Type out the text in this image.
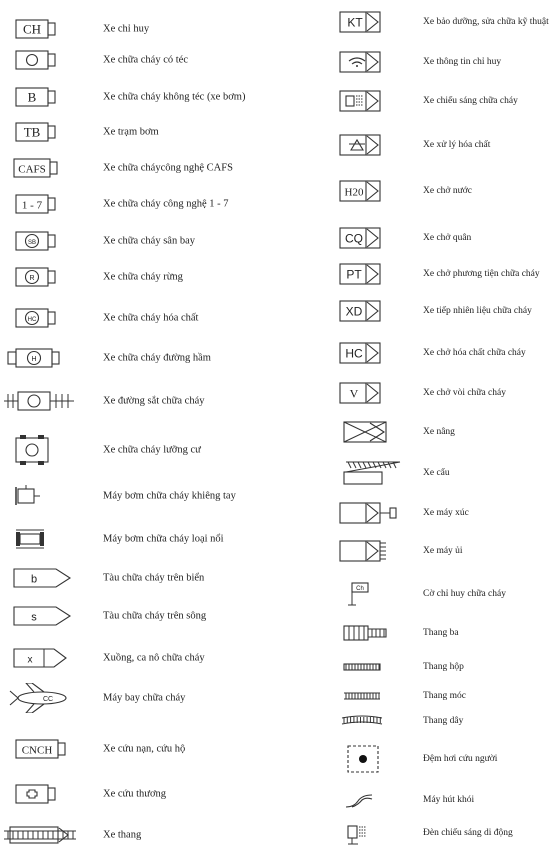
CH	Xe chỉ huy
Xe chữa cháy có téc
B	Xe chữa cháy không téc (xe bơm)
TB	Xe trạm bơm
CAFS	Xe chữa cháycông nghệ CAFS
1 - 7	Xe chữa cháy công nghệ 1 - 7
SB	Xe chữa cháy sân bay
R	Xe chữa cháy rừng
HC	Xe chữa cháy hóa chất
H	Xe chữa cháy đường hầm
Xe đường sắt chữa cháy
Xe chữa cháy lưỡng cư
Máy bơm chữa cháy khiêng tay
Máy bơm chữa cháy loại nổi
b	Tàu chữa cháy trên biển
s	Tàu chữa cháy trên sông
x	Xuồng, ca nô chữa cháy
CC	Máy bay chữa cháy
CNCH	Xe cứu nạn, cứu hộ
Xe cứu thương
Xe thang
KT	Xe bảo dưỡng, sửa chữa kỹ thuật
Xe thông tin chỉ huy
Xe chiếu sáng chữa cháy
Xe xử lý hóa chất
H20	Xe chở nước
CQ	Xe chở quân
PT	Xe chở phương tiện chữa cháy
XD	Xe tiếp nhiên liệu chữa cháy
HC	Xe chở hóa chất chữa cháy
V	Xe chở vòi chữa cháy
Xe nâng
Xe cẩu
Xe máy xúc
Xe máy ủi
Ch	Cờ chỉ huy chữa cháy
Thang ba
Thang hộp
Thang móc
Thang dây
Đệm hơi cứu người
Máy hút khói
Đèn chiếu sáng di động
